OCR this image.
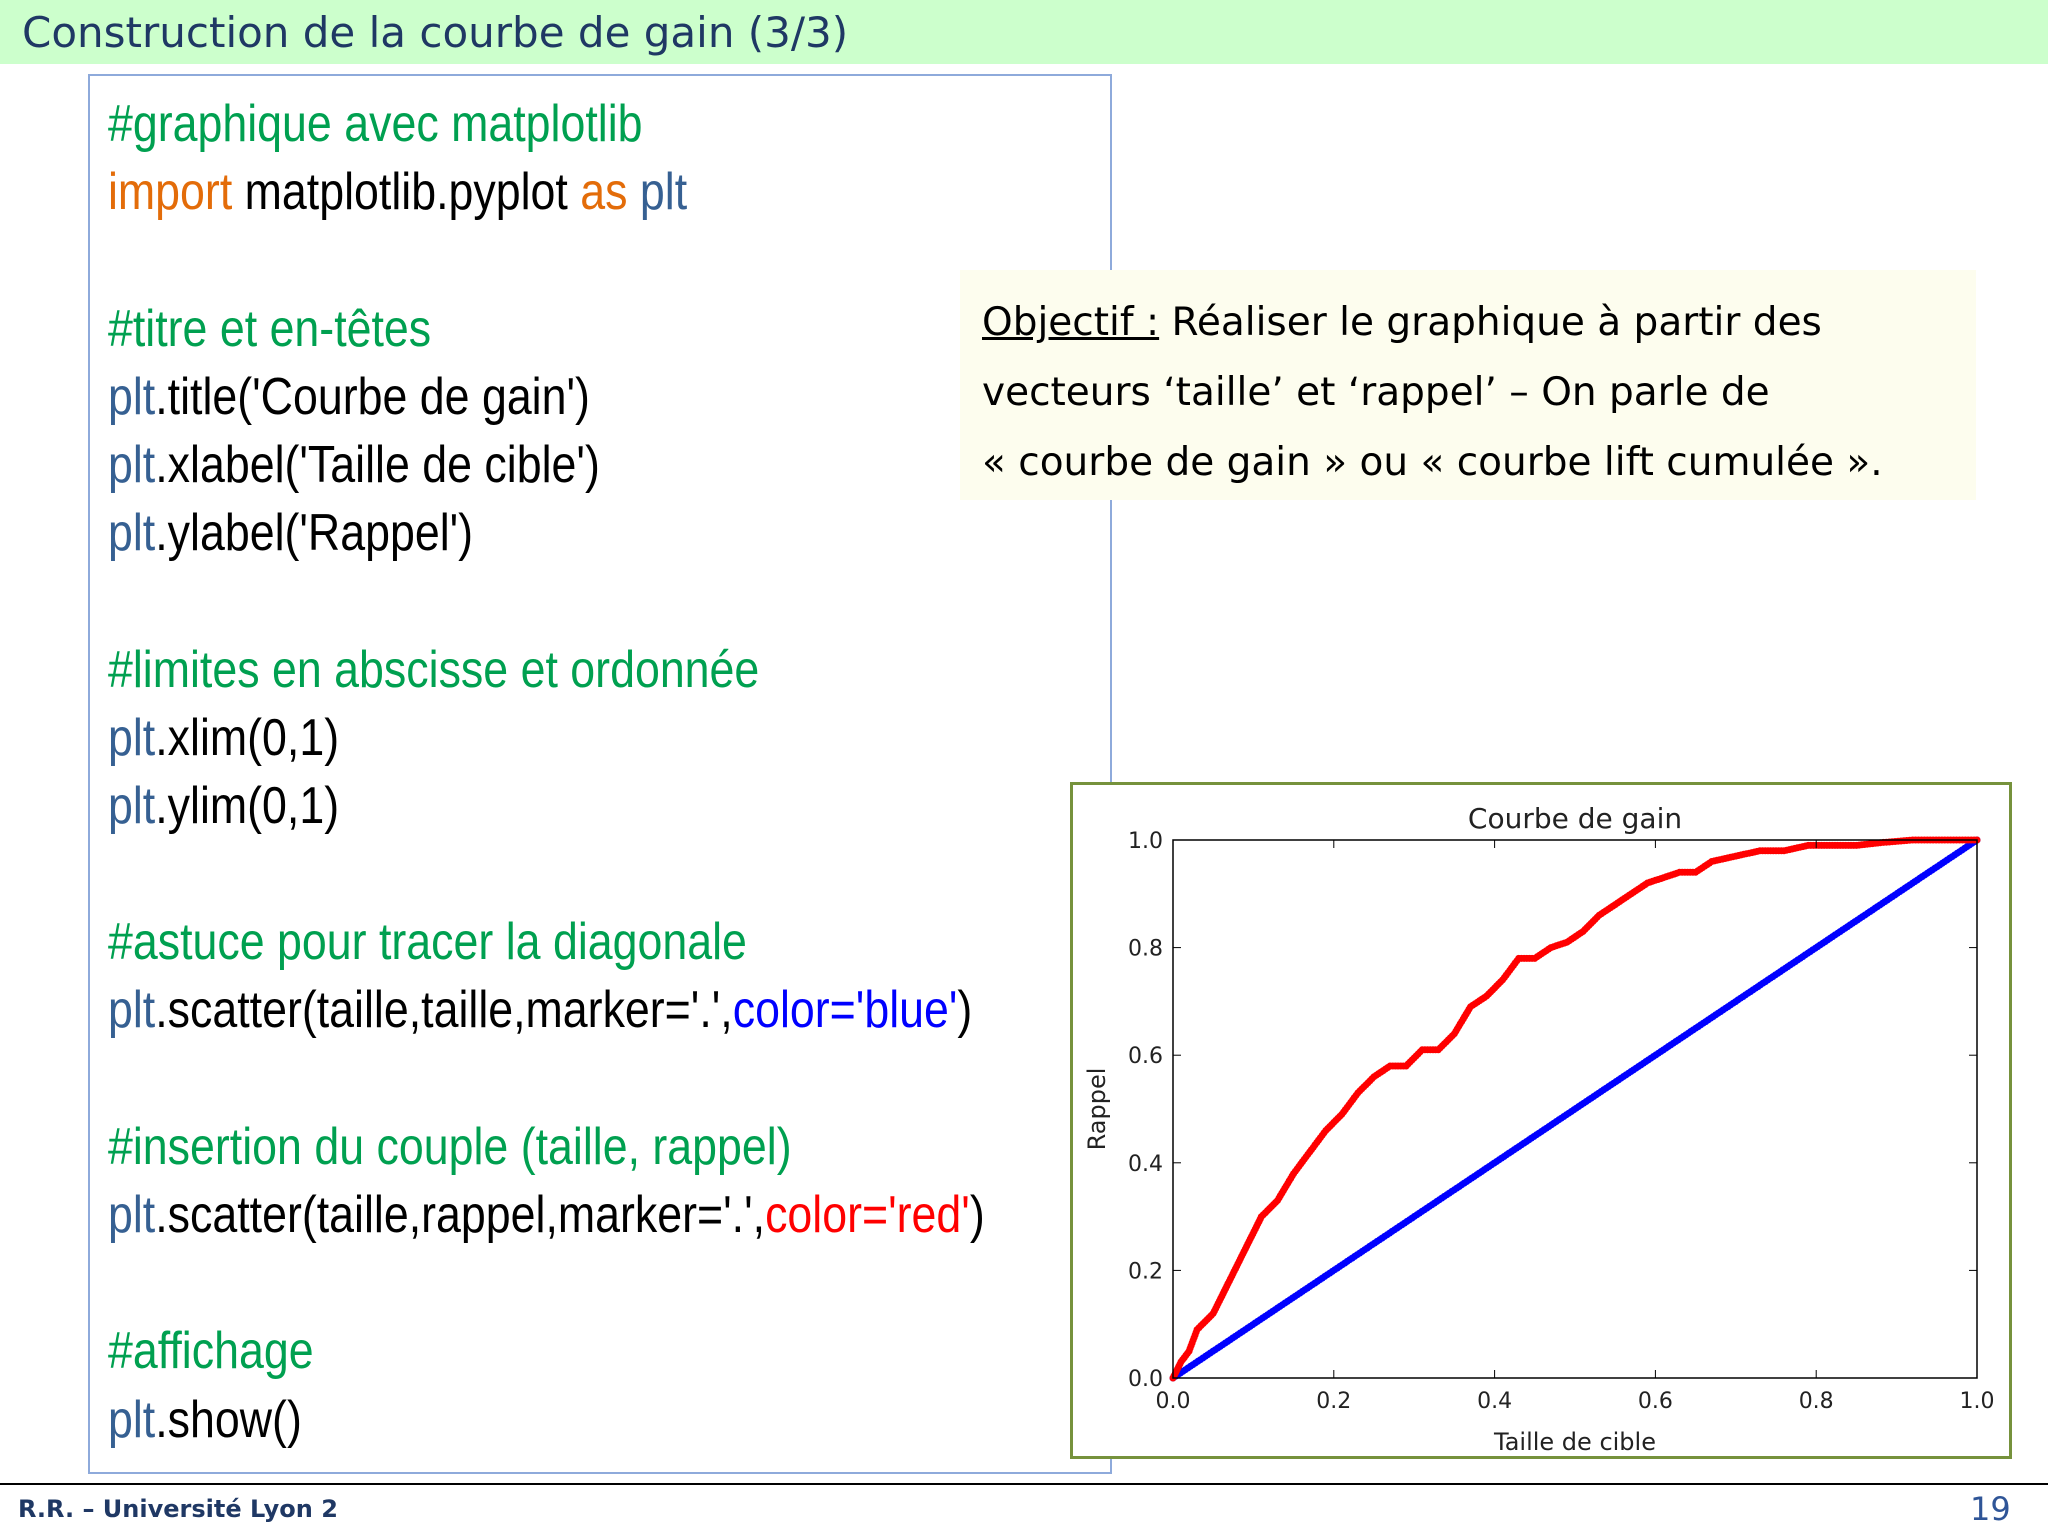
Construction de la courbe de gain (3/3)
#graphique avec matplotlib
import matplotlib.pyplot as plt
#titre et en-têtes
plt.title('Courbe de gain')
plt.xlabel('Taille de cible')
plt.ylabel('Rappel')
#limites en abscisse et ordonnée
plt.xlim(0,1)
plt.ylim(0,1)
#astuce pour tracer la diagonale
plt.scatter(taille,taille,marker='.',color='blue')
#insertion du couple (taille, rappel)
plt.scatter(taille,rappel,marker='.',color='red')
#affichage
plt.show()
Objectif : Réaliser le graphique à partir des
vecteurs ‘taille’ et ‘rappel’ – On parle de
« courbe de gain » ou « courbe lift cumulée ».
0.0	0.2	0.4	0.6	0.8	1.0
0.0
0.2
0.4
0.6
0.8
1.0
Courbe de gain
Taille de cible
Rappel
R.R. – Université Lyon 2	19
